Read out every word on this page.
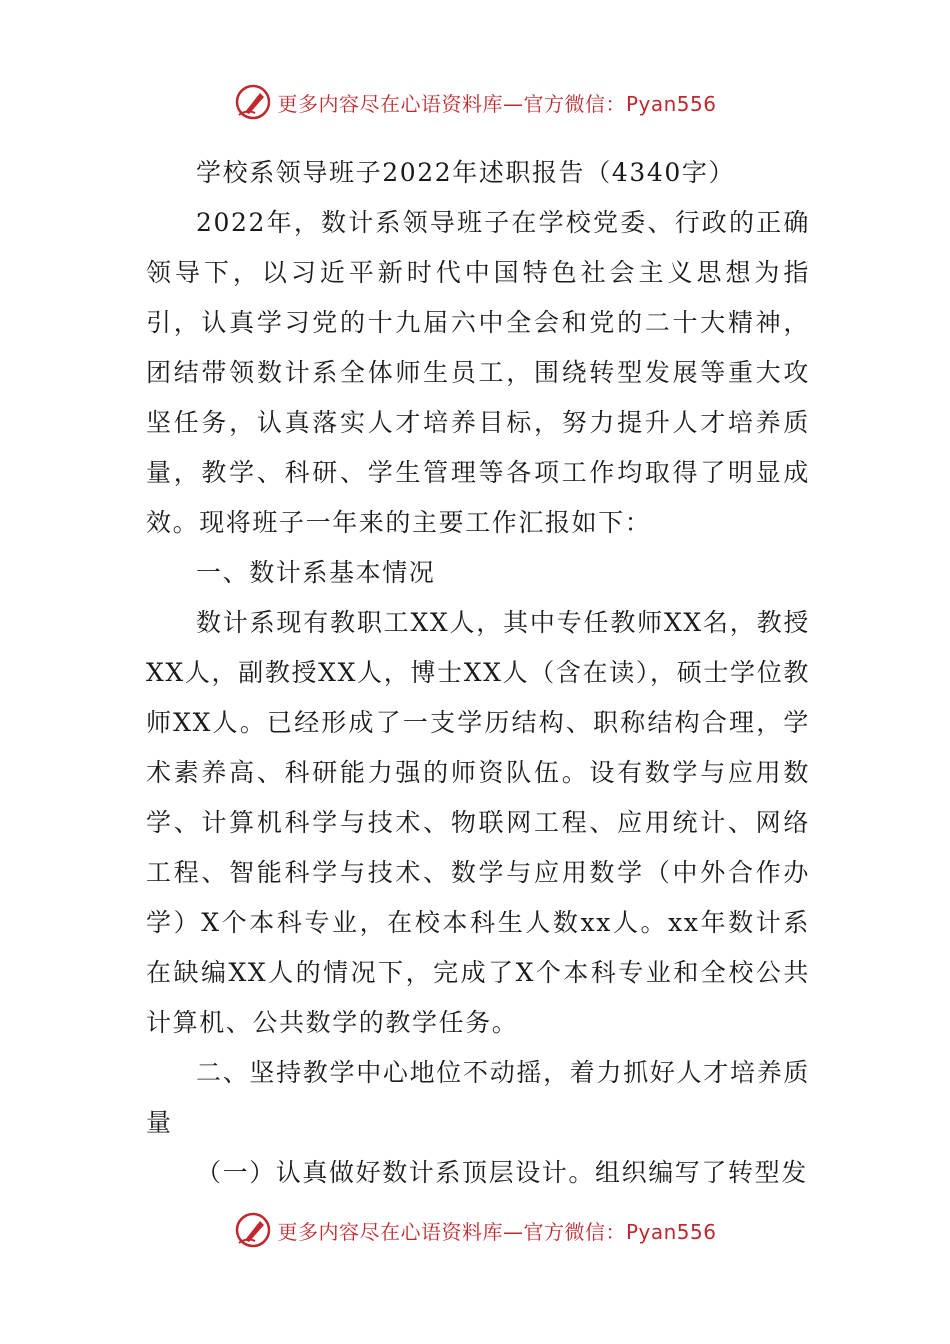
更多内容尽在心语资料库—官方微信：Pyan556

学校系领导班子2022年述职报告（4340字）

2022年，数计系领导班子在学校党委、行政的正确领导下，以习近平新时代中国特色社会主义思想为指引，认真学习党的十九届六中全会和党的二十大精神，团结带领数计系全体师生员工，围绕转型发展等重大攻坚任务，认真落实人才培养目标，努力提升人才培养质量，教学、科研、学生管理等各项工作均取得了明显成效。现将班子一年来的主要工作汇报如下：

一、数计系基本情况

数计系现有教职工XX人，其中专任教师XX名，教授XX人，副教授XX人，博士XX人（含在读），硕士学位教师XX人。已经形成了一支学历结构、职称结构合理，学术素养高、科研能力强的师资队伍。设有数学与应用数学、计算机科学与技术、物联网工程、应用统计、网络工程、智能科学与技术、数学与应用数学（中外合作办学）X个本科专业，在校本科生人数xx人。xx年数计系在缺编XX人的情况下，完成了X个本科专业和全校公共计算机、公共数学的教学任务。

二、坚持教学中心地位不动摇，着力抓好人才培养质量

（一）认真做好数计系顶层设计。组织编写了转型发

更多内容尽在心语资料库—官方微信：Pyan556
